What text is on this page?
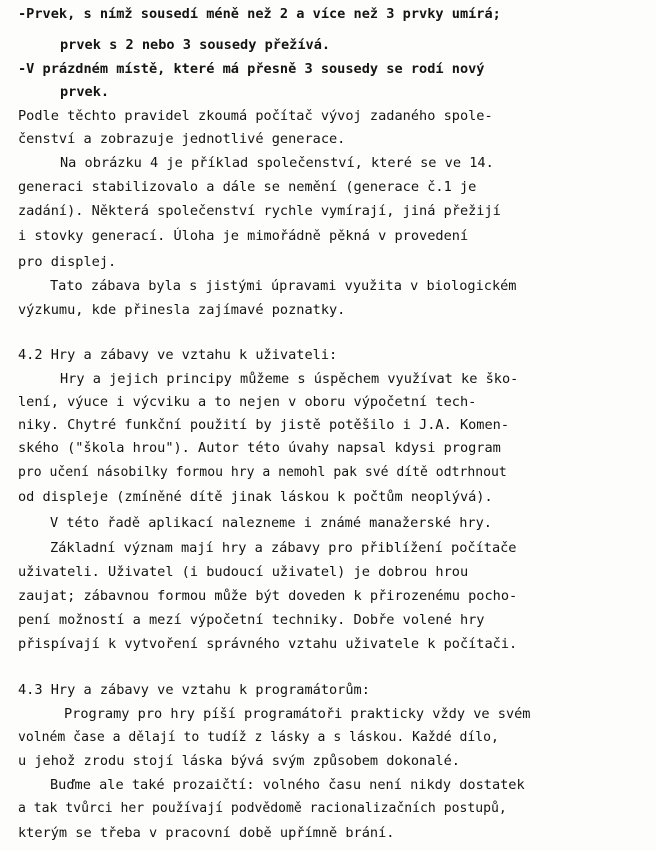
-Prvek, s nímž sousedí méně než 2 a více než 3 prvky umírá;

prvek s 2 nebo 3 sousedy přežívá.

-V prázdném místě, které má přesně 3 sousedy se rodí nový

prvek.

Podle těchto pravidel zkoumá počítač vývoj zadaného spole-

čenství a zobrazuje jednotlivé generace.

Na obrázku 4 je příklad společenství, které se ve 14.

generaci stabilizovalo a dále se nemění (generace č.1 je

zadání). Některá společenství rychle vymírají, jiná přežijí

i stovky generací. Úloha je mimořádně pěkná v provedení

pro displej.

Tato zábava byla s jistými úpravami využita v biologickém

výzkumu, kde přinesla zajímavé poznatky.

4.2 Hry a zábavy ve vztahu k uživateli:

Hry a jejich principy můžeme s úspěchem využívat ke ško-

lení, výuce i výcviku a to nejen v oboru výpočetní tech-

niky. Chytré funkční použití by jistě potěšilo i J.A. Komen-

ského ("škola hrou"). Autor této úvahy napsal kdysi program

pro učení násobilky formou hry a nemohl pak své dítě odtrhnout

od displeje (zmíněné dítě jinak láskou k počtům neoplývá).

V této řadě aplikací nalezneme i známé manažerské hry.

Základní význam mají hry a zábavy pro přiblížení počítače

uživateli. Uživatel (i budoucí uživatel) je dobrou hrou

zaujat; zábavnou formou může být doveden k přirozenému pocho-

pení možností a mezí výpočetní techniky. Dobře volené hry

přispívají k vytvoření správného vztahu uživatele k počítači.

4.3 Hry a zábavy ve vztahu k programátorům:

Programy pro hry píší programátoři prakticky vždy ve svém

volném čase a dělají to tudíž z lásky a s láskou. Každé dílo,

u jehož zrodu stojí láska bývá svým způsobem dokonalé.

Buďme ale také prozaičtí: volného času není nikdy dostatek

a tak tvůrci her používají podvědomě racionalizačních postupů,

kterým se třeba v pracovní době upřímně brání.
